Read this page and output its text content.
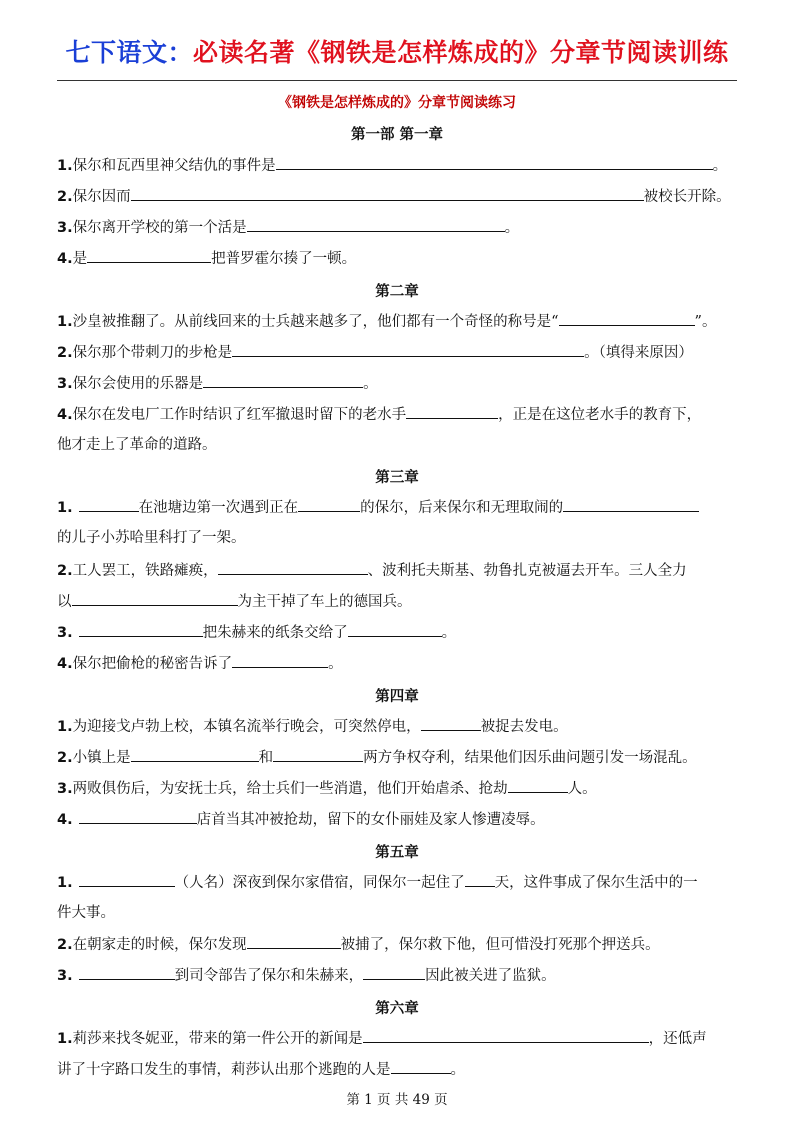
七下语文：必读名著《钢铁是怎样炼成的》分章节阅读训练
《钢铁是怎样炼成的》分章节阅读练习
第一部 第一章
1.保尔和瓦西里神父结仇的事件是	。
2.保尔因而	被校长开除。
3.保尔离开学校的第一个活是	。
4.是	把普罗霍尔揍了一顿。
第二章
1.沙皇被推翻了。从前线回来的士兵越来越多了，他们都有一个奇怪的称号是“	”。
2.保尔那个带刺刀的步枪是	。（填得来原因）
3.保尔会使用的乐器是	。
4.保尔在发电厂工作时结识了红军撤退时留下的老水手	，正是在这位老水手的教育下，
他才走上了革命的道路。
第三章
1.	在池塘边第一次遇到正在	的保尔，后来保尔和无理取闹的
的儿子小苏哈里科打了一架。
2.工人罢工，铁路瘫痪，	、波利托夫斯基、勃鲁扎克被逼去开车。三人全力
以	为主干掉了车上的德国兵。
3.	把朱赫来的纸条交给了	。
4.保尔把偷枪的秘密告诉了	。
第四章
1.为迎接戈卢勃上校，本镇名流举行晚会，可突然停电，	被捉去发电。
2.小镇上是	和	两方争权夺利，结果他们因乐曲问题引发一场混乱。
3.两败俱伤后，为安抚士兵，给士兵们一些消遣，他们开始虐杀、抢劫	人。
4.	店首当其冲被抢劫，留下的女仆丽娃及家人惨遭凌辱。
第五章
1.	（人名）深夜到保尔家借宿，同保尔一起住了 天，这件事成了保尔生活中的一
件大事。
2.在朝家走的时候，保尔发现	被捕了，保尔救下他，但可惜没打死那个押送兵。
3.	到司令部告了保尔和朱赫来，	因此被关进了监狱。
第六章
1.莉莎来找冬妮亚，带来的第一件公开的新闻是	，还低声
讲了十字路口发生的事情，莉莎认出那个逃跑的人是	。
第 1 页 共 49 页
